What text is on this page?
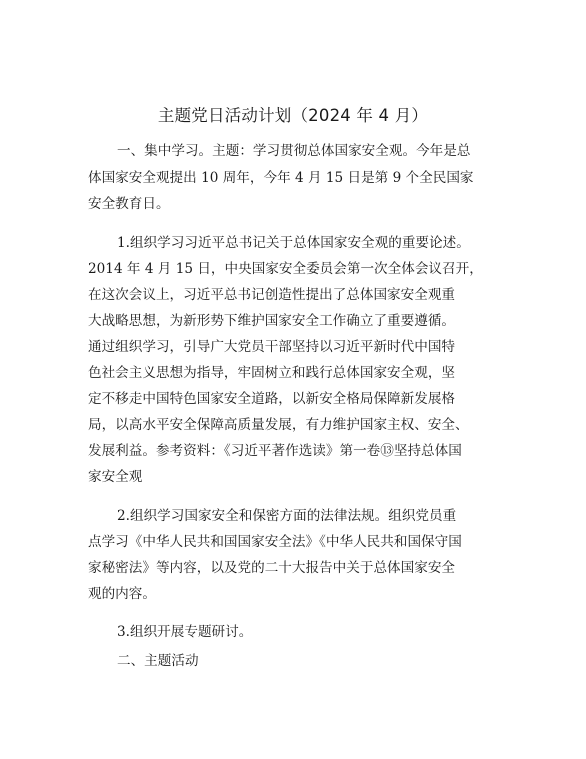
主题党日活动计划（2024 年 4 月）
一、集中学习。主题：学习贯彻总体国家安全观。今年是总
体国家安全观提出 10 周年，今年 4 月 15 日是第 9 个全民国家
安全教育日。
1.组织学习习近平总书记关于总体国家安全观的重要论述。
2014 年 4 月 15 日，中央国家安全委员会第一次全体会议召开，
在这次会议上，习近平总书记创造性提出了总体国家安全观重
大战略思想，为新形势下维护国家安全工作确立了重要遵循。
通过组织学习，引导广大党员干部坚持以习近平新时代中国特
色社会主义思想为指导，牢固树立和践行总体国家安全观，坚
定不移走中国特色国家安全道路，以新安全格局保障新发展格
局，以高水平安全保障高质量发展，有力维护国家主权、安全、
发展利益。参考资料：《习近平著作选读》第一卷⑬坚持总体国
家安全观
2.组织学习国家安全和保密方面的法律法规。组织党员重
点学习《中华人民共和国国家安全法》《中华人民共和国保守国
家秘密法》等内容，以及党的二十大报告中关于总体国家安全
观的内容。
3.组织开展专题研讨。
二、主题活动
